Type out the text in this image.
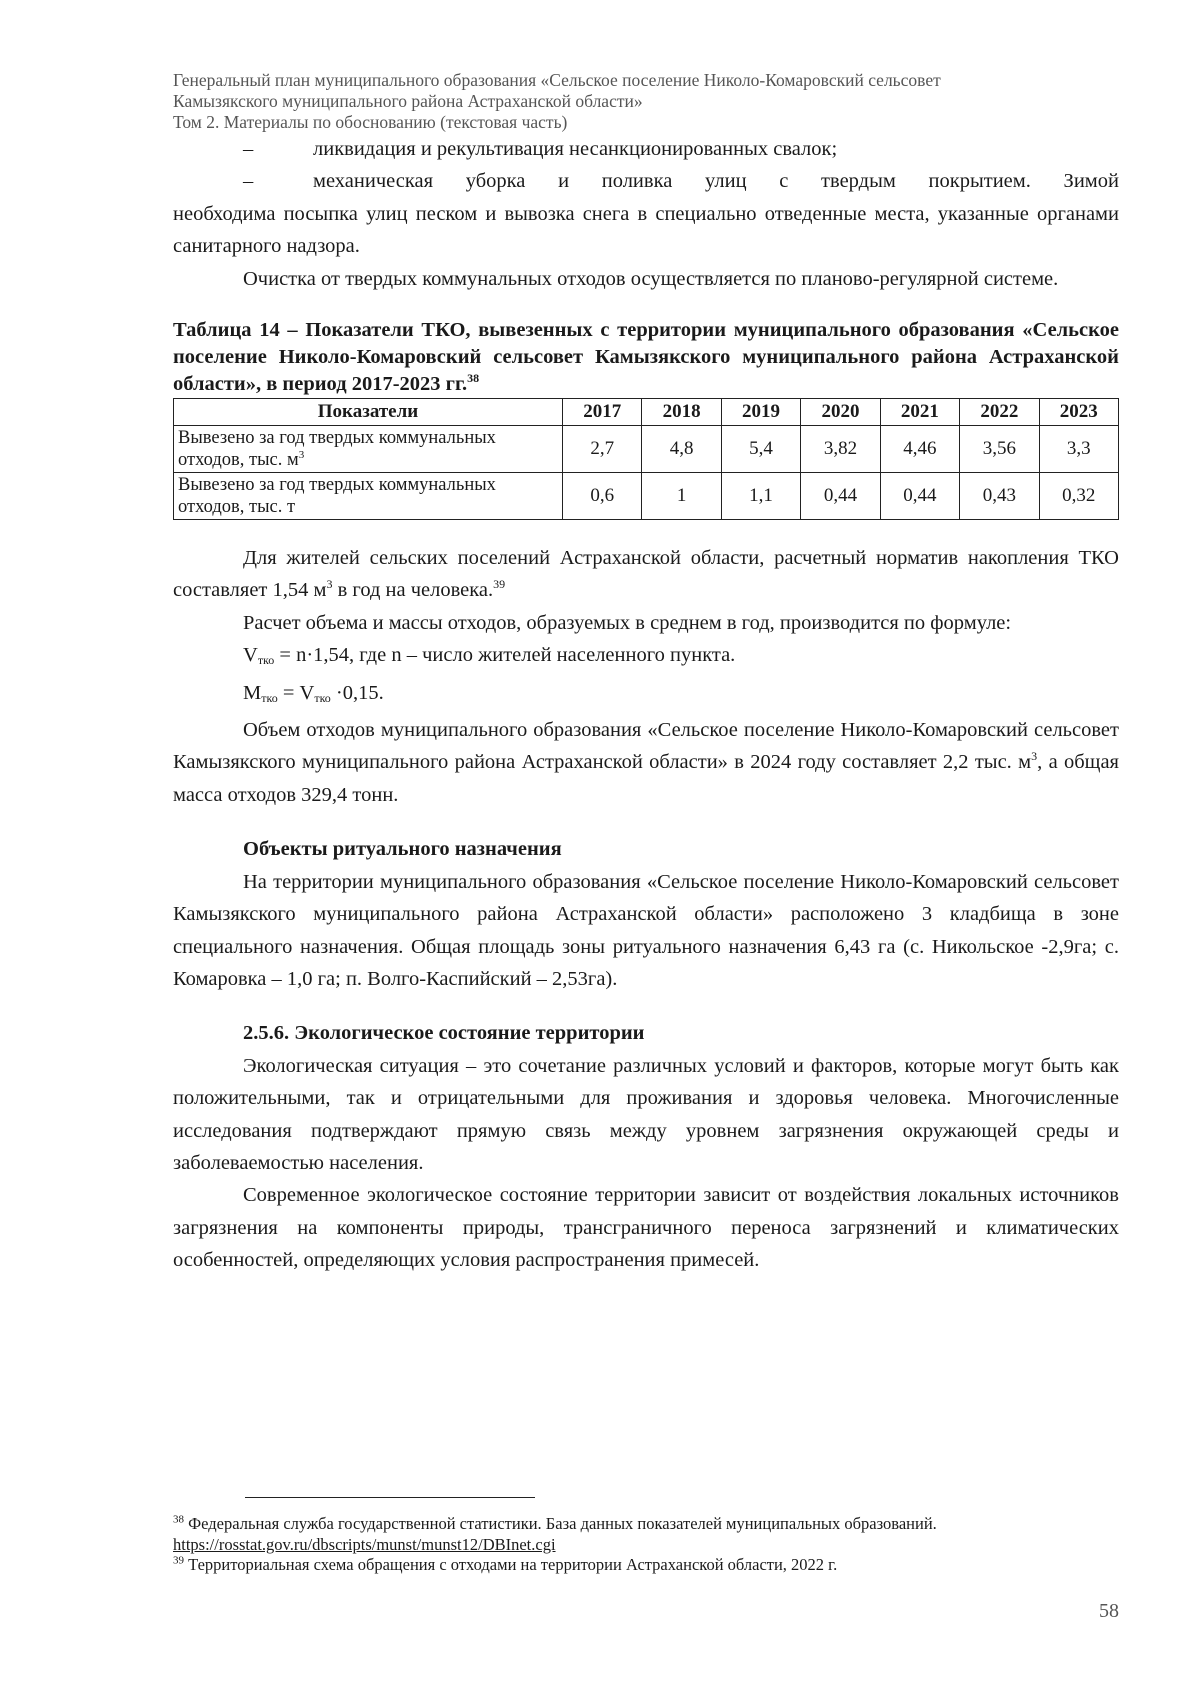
Генеральный план муниципального образования «Сельское поселение Николо-Комаровский сельсовет
Камызякского муниципального района Астраханской области»
Том 2. Материалы по обоснованию (текстовая часть)
–	ликвидация и рекультивация несанкционированных свалок;
–	механическая уборка и поливка улиц с твердым покрытием. Зимой

необходима посыпка улиц песком и вывозка снега в специально отведенные места, указанные органами санитарного надзора.

Очистка от твердых коммунальных отходов осуществляется по планово-регулярной системе.

Таблица 14 – Показатели ТКО, вывезенных с территории муниципального образования «Сельское поселение Николо-Комаровский сельсовет Камызякского муниципального района Астраханской области», в период 2017-2023 гг.$^{38}$
Показатели	2017	2018	2019	2020	2021	2022	2023
Вывезено за год твердых коммунальных отходов, тыс. $м^3$	2,7	4,8	5,4	3,82	4,46	3,56	3,3
Вывезено за год твердых коммунальных отходов, тыс. т	0,6	1	1,1	0,44	0,44	0,43	0,32

Для жителей сельских поселений Астраханской области, расчетный норматив накопления ТКО составляет 1,54 $м^3$ в год на человека.$^{39}$

Расчет объема и массы отходов, образуемых в среднем в год, производится по формуле:

$V_{тко} = n\cdot 1,54$, где n – число жителей населенного пункта.

$M_{тко} = V_{тко} \cdot 0,15$.

Объем отходов муниципального образования «Сельское поселение Николо-Комаровский сельсовет Камызякского муниципального района Астраханской области» в 2024 году составляет 2,2 тыс. $м^3$, а общая масса отходов 329,4 тонн.

Объекты ритуального назначения

На территории муниципального образования «Сельское поселение Николо-Комаровский сельсовет Камызякского муниципального района Астраханской области» расположено 3 кладбища в зоне специального назначения. Общая площадь зоны ритуального назначения 6,43 га (с. Никольское -2,9га; с. Комаровка – 1,0 га; п. Волго-Каспийский – 2,53га).

2.5.6. Экологическое состояние территории

Экологическая ситуация – это сочетание различных условий и факторов, которые могут быть как положительными, так и отрицательными для проживания и здоровья человека. Многочисленные исследования подтверждают прямую связь между уровнем загрязнения окружающей среды и заболеваемостью населения.

Современное экологическое состояние территории зависит от воздействия локальных источников загрязнения на компоненты природы, трансграничного переноса загрязнений и климатических особенностей, определяющих условия распространения примесей.

$^{38}$ Федеральная служба государственной статистики. База данных показателей муниципальных образований.
https://rosstat.gov.ru/dbscripts/munst/munst12/DBInet.cgi
$^{39}$ Территориальная схема обращения с отходами на территории Астраханской области, 2022 г.
58
